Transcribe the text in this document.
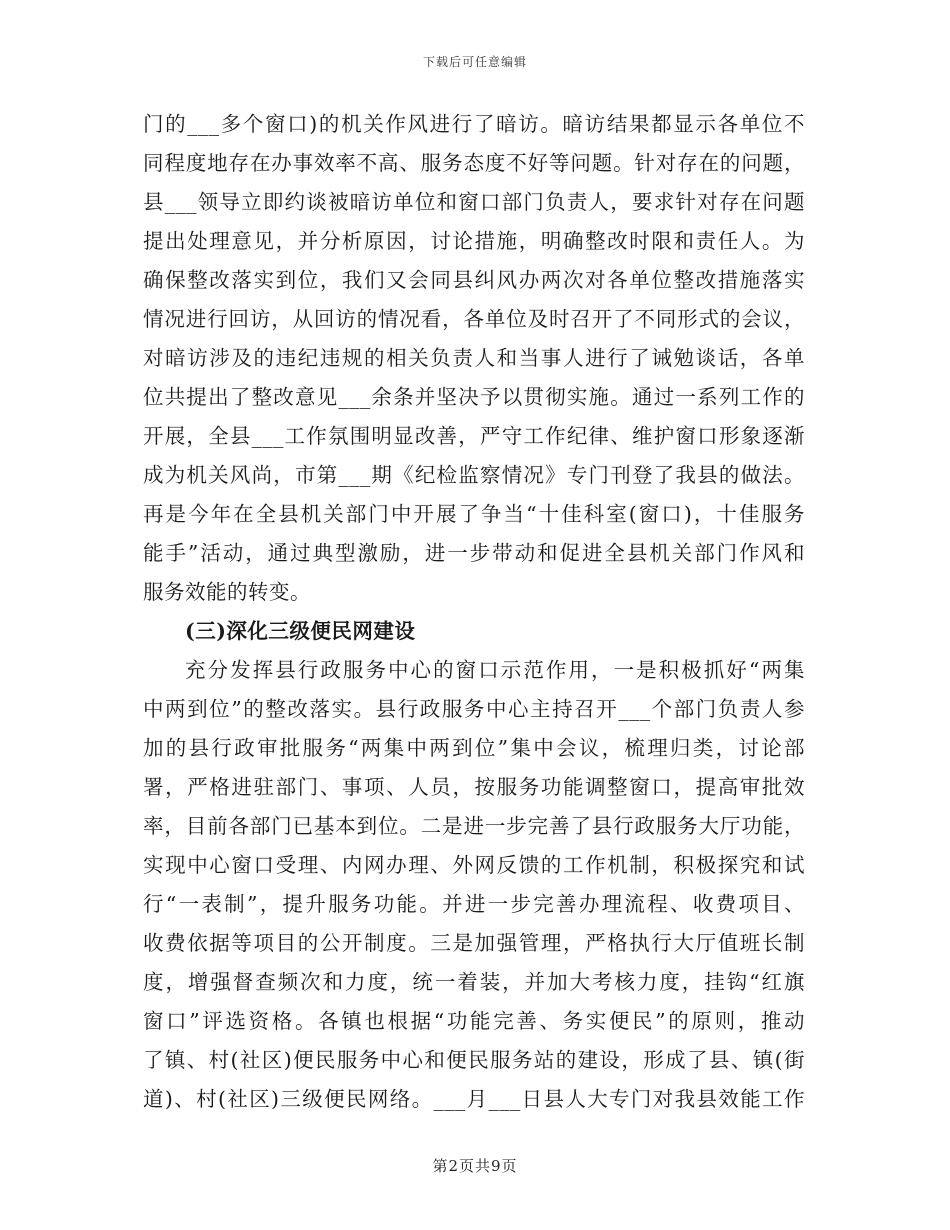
下载后可任意编辑
门的___多个窗口)的机关作风进行了暗访。暗访结果都显示各单位不
同程度地存在办事效率不高、服务态度不好等问题。针对存在的问题，
县___领导立即约谈被暗访单位和窗口部门负责人，要求针对存在问题
提出处理意见，并分析原因，讨论措施，明确整改时限和责任人。为
确保整改落实到位，我们又会同县纠风办两次对各单位整改措施落实
情况进行回访，从回访的情况看，各单位及时召开了不同形式的会议，
对暗访涉及的违纪违规的相关负责人和当事人进行了诫勉谈话，各单
位共提出了整改意见___余条并坚决予以贯彻实施。通过一系列工作的
开展，全县___工作氛围明显改善，严守工作纪律、维护窗口形象逐渐
成为机关风尚，市第___期《纪检监察情况》专门刊登了我县的做法。
再是今年在全县机关部门中开展了争当“十佳科室(窗口)，十佳服务
能手”活动，通过典型激励，进一步带动和促进全县机关部门作风和
服务效能的转变。
(三)深化三级便民网建设
充分发挥县行政服务中心的窗口示范作用，一是积极抓好“两集
中两到位”的整改落实。县行政服务中心主持召开___个部门负责人参
加的县行政审批服务“两集中两到位”集中会议，梳理归类，讨论部
署，严格进驻部门、事项、人员，按服务功能调整窗口，提高审批效
率，目前各部门已基本到位。二是进一步完善了县行政服务大厅功能，
实现中心窗口受理、内网办理、外网反馈的工作机制，积极探究和试
行“一表制”，提升服务功能。并进一步完善办理流程、收费项目、
收费依据等项目的公开制度。三是加强管理，严格执行大厅值班长制
度，增强督查频次和力度，统一着装，并加大考核力度，挂钩“红旗
窗口”评选资格。各镇也根据“功能完善、务实便民”的原则，推动
了镇、村(社区)便民服务中心和便民服务站的建设，形成了县、镇(街
道)、村(社区)三级便民网络。___月___日县人大专门对我县效能工作
第2页共9页
